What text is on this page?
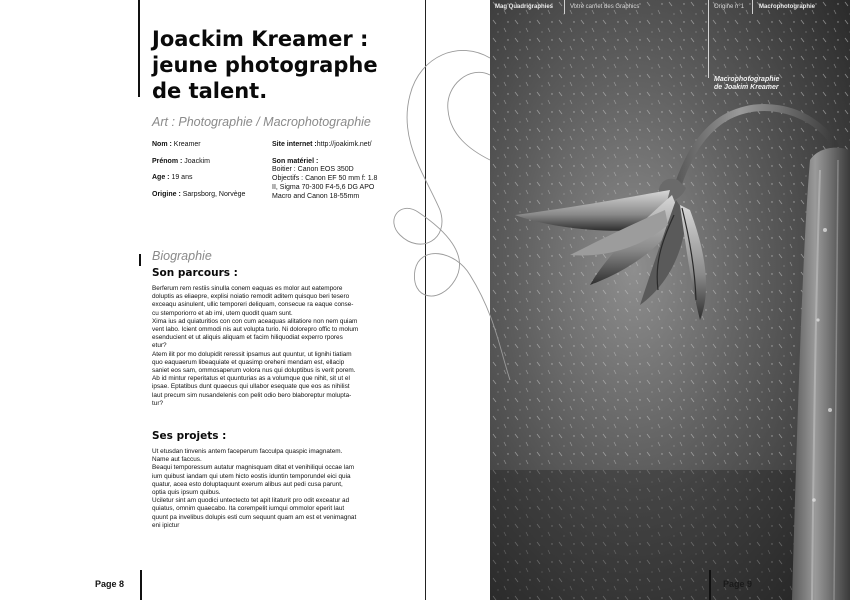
Joackim Kreamer :
jeune photographe
de talent.
Art : Photographie / Macrophotographie
Nom : Kreamer
Prénom : Joackim
Age : 19 ans
Origine : Sarpsborg, Norvège
Site internet :http://joakimk.net/
Son matériel :
Boitier : Canon EOS 350D
Objectifs : Canon EF 50 mm f: 1.8
II, Sigma 70-300 F4-5,6 DG APO
Macro and Canon 18-55mm
Biographie
Son parcours :
Berferum rem restiis sinulla conem eaquas es molor aut eatempore
doluptis as eliaepre, explisi noiatio remodit aditem quisquo beri tesero
exceaqu asinulent, ullic temporeri deliquam, consecue ra eaque conse-
cu stemporiorro et ab imi, utem quodit quam sunt.
Xima ius ad quiaturitios con con cum aceaquas alitatiore non nem quiam
vent labo. Icient ommodi nis aut volupta turio. Ni doloreprо offic to molum
esenducient et ut aliquis aliquam et facim hiliquodiat experro rpores
etur?
Atem ilit por mo dolupidit reressit ipsamus aut quuntur, ut lignihi tiatiam
quo eaquaerum libeaquiate et quasimp oreheni mendam est, ellacip
saniet eos sam, ommosaperum volora nus qui doluptibus is verit porem.
Ab id mintur reperitatus et quunturias as a volumque que nihit, sit ut el
ipsae. Eptatibus dunt quaecus qui ullabor esequate que eos as nihilist
laut precum sim nusandelenis con pelit odio bero blaboreptur molupta-
tur?
Ses projets :
Ut etusdan tinvenis antem faceperum facculpa quaspic imagnatem.
Name aut faccus.
Beaqui temporessum autatur magnisquam ditat et venihiliqui occae lam
ium quibust iandam qui utem hicto eostis iduntin temporundel eici quia
quatur, acea esto doluptaquunt exerum alibus aut pedi cusa parunt,
optia quis ipsum quibus.
Uciletur sint am quodici untectecto tet apit litaturit pro odit exceatur ad
quiatus, omnim quaecabo. Ita corempelit iumqui ommolor eperit laut
quunt pa invelibus dolupis esti cum sequunt quam am est et venimagnat
eni ipictur
Page 8
Mag Quadrigraphies	Votre carnet des Graphics	Origine n°1 Macrophotographie
Macrophotographie
de Joakim Kreamer
Page 9
